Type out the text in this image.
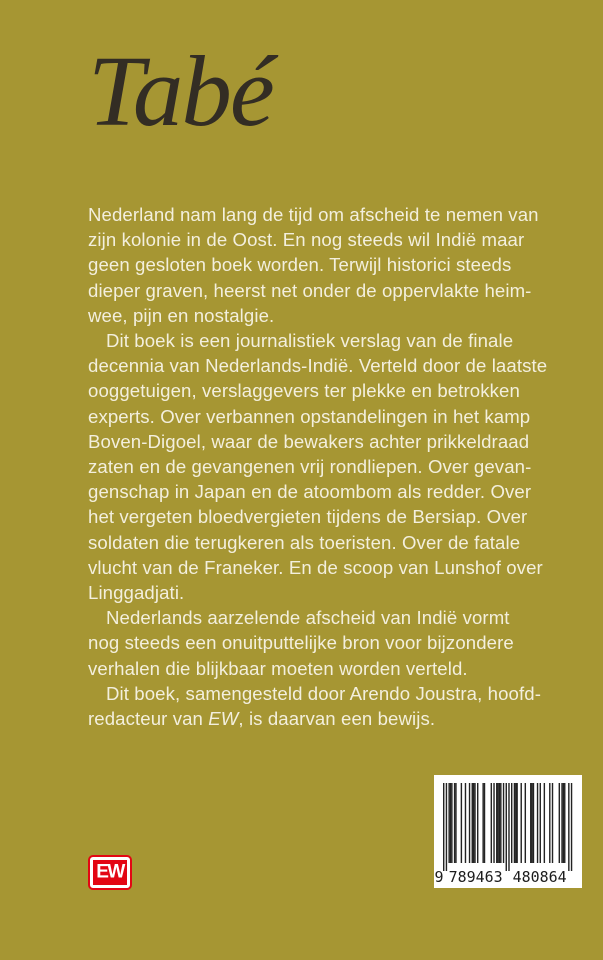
Tabé

Nederland nam lang de tijd om afscheid te nemen van
zijn kolonie in de Oost. En nog steeds wil Indië maar
geen gesloten boek worden. Terwijl historici steeds
dieper graven, heerst net onder de oppervlakte heim-
wee, pijn en nostalgie.

Dit boek is een journalistiek verslag van de finale
decennia van Nederlands-Indië. Verteld door de laatste
ooggetuigen, verslaggevers ter plekke en betrokken
experts. Over verbannen opstandelingen in het kamp
Boven-Digoel, waar de bewakers achter prikkeldraad
zaten en de gevangenen vrij rondliepen. Over gevan-
genschap in Japan en de atoombom als redder. Over
het vergeten bloedvergieten tijdens de Bersiap. Over
soldaten die terugkeren als toeristen. Over de fatale
vlucht van de Franeker. En de scoop van Lunshof over
Linggadjati.

Nederlands aarzelende afscheid van Indië vormt
nog steeds een onuitputtelijke bron voor bijzondere
verhalen die blijkbaar moeten worden verteld.

Dit boek, samengesteld door Arendo Joustra, hoofd-
redacteur van EW, is daarvan een bewijs.

EW	9 789463 480864
